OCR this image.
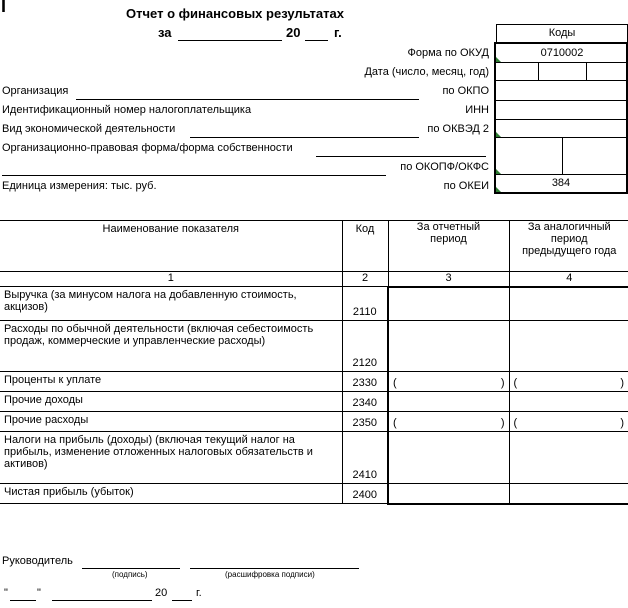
I	Отчет о финансовых результатах
за	20	г.	Коды
Форма по ОКУД	0710002
Дата (число, месяц, год)
по ОКПО
ИНН
по ОКВЭД 2
по ОКОПФ/ОКФС
по ОКЕИ	384
Организация
Идентификационный номер налогоплательщика
Вид экономической деятельности
Организационно-правовая форма/форма собственности
Единица измерения: тыс. руб.
Наименование показателя	Код	За отчетный период	За аналогичный период предыдущего года
1	2	3	4
Выручка (за минусом налога на добавленную стоимость, акцизов)	2110		
Расходы по обычной деятельности (включая себестоимость продаж, коммерческие и управленческие расходы)	2120		
Проценты к уплате	2330	( )	( )

Прочие доходы	2340		
Прочие расходы	2350	( )	( )

Налоги на прибыль (доходы) (включая текущий налог на прибыль, изменение отложенных налоговых обязательств и активов)	2410		
Чистая прибыль (убыток)	2400		
Руководитель
(подпись)	(расшифровка подписи)
"	"	20	г.
